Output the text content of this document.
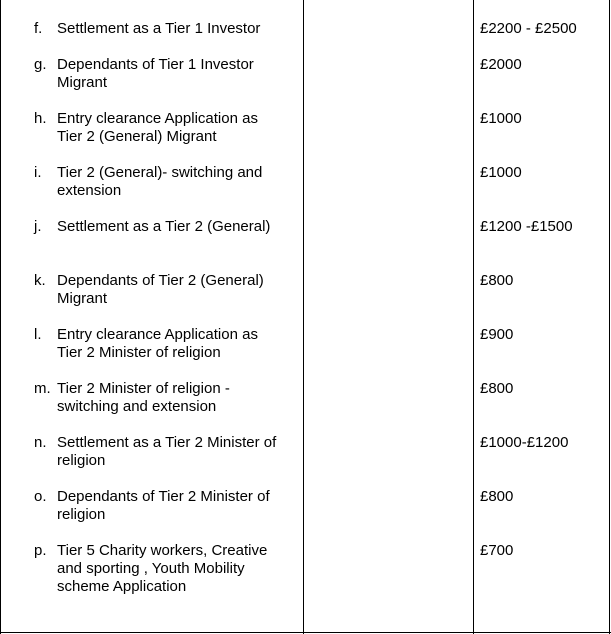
f. Settlement as a Tier 1 Investor	£2200 - £2500
g. Dependants of Tier 1 Investor
Migrant
£2000
h. Entry clearance Application as
Tier 2 (General) Migrant
£1000
i. Tier 2 (General)- switching and
extension
£1000
j. Settlement as a Tier 2 (General)	£1200 -£1500
k. Dependants of Tier 2 (General)
Migrant
£800
l. Entry clearance Application as
Tier 2 Minister of religion
£900
m. Tier 2 Minister of religion -
switching and extension
£800
n. Settlement as a Tier 2 Minister of
religion
£1000-£1200
o. Dependants of Tier 2 Minister of
religion
£800
p. Tier 5 Charity workers, Creative
and sporting , Youth Mobility
scheme Application
£700
